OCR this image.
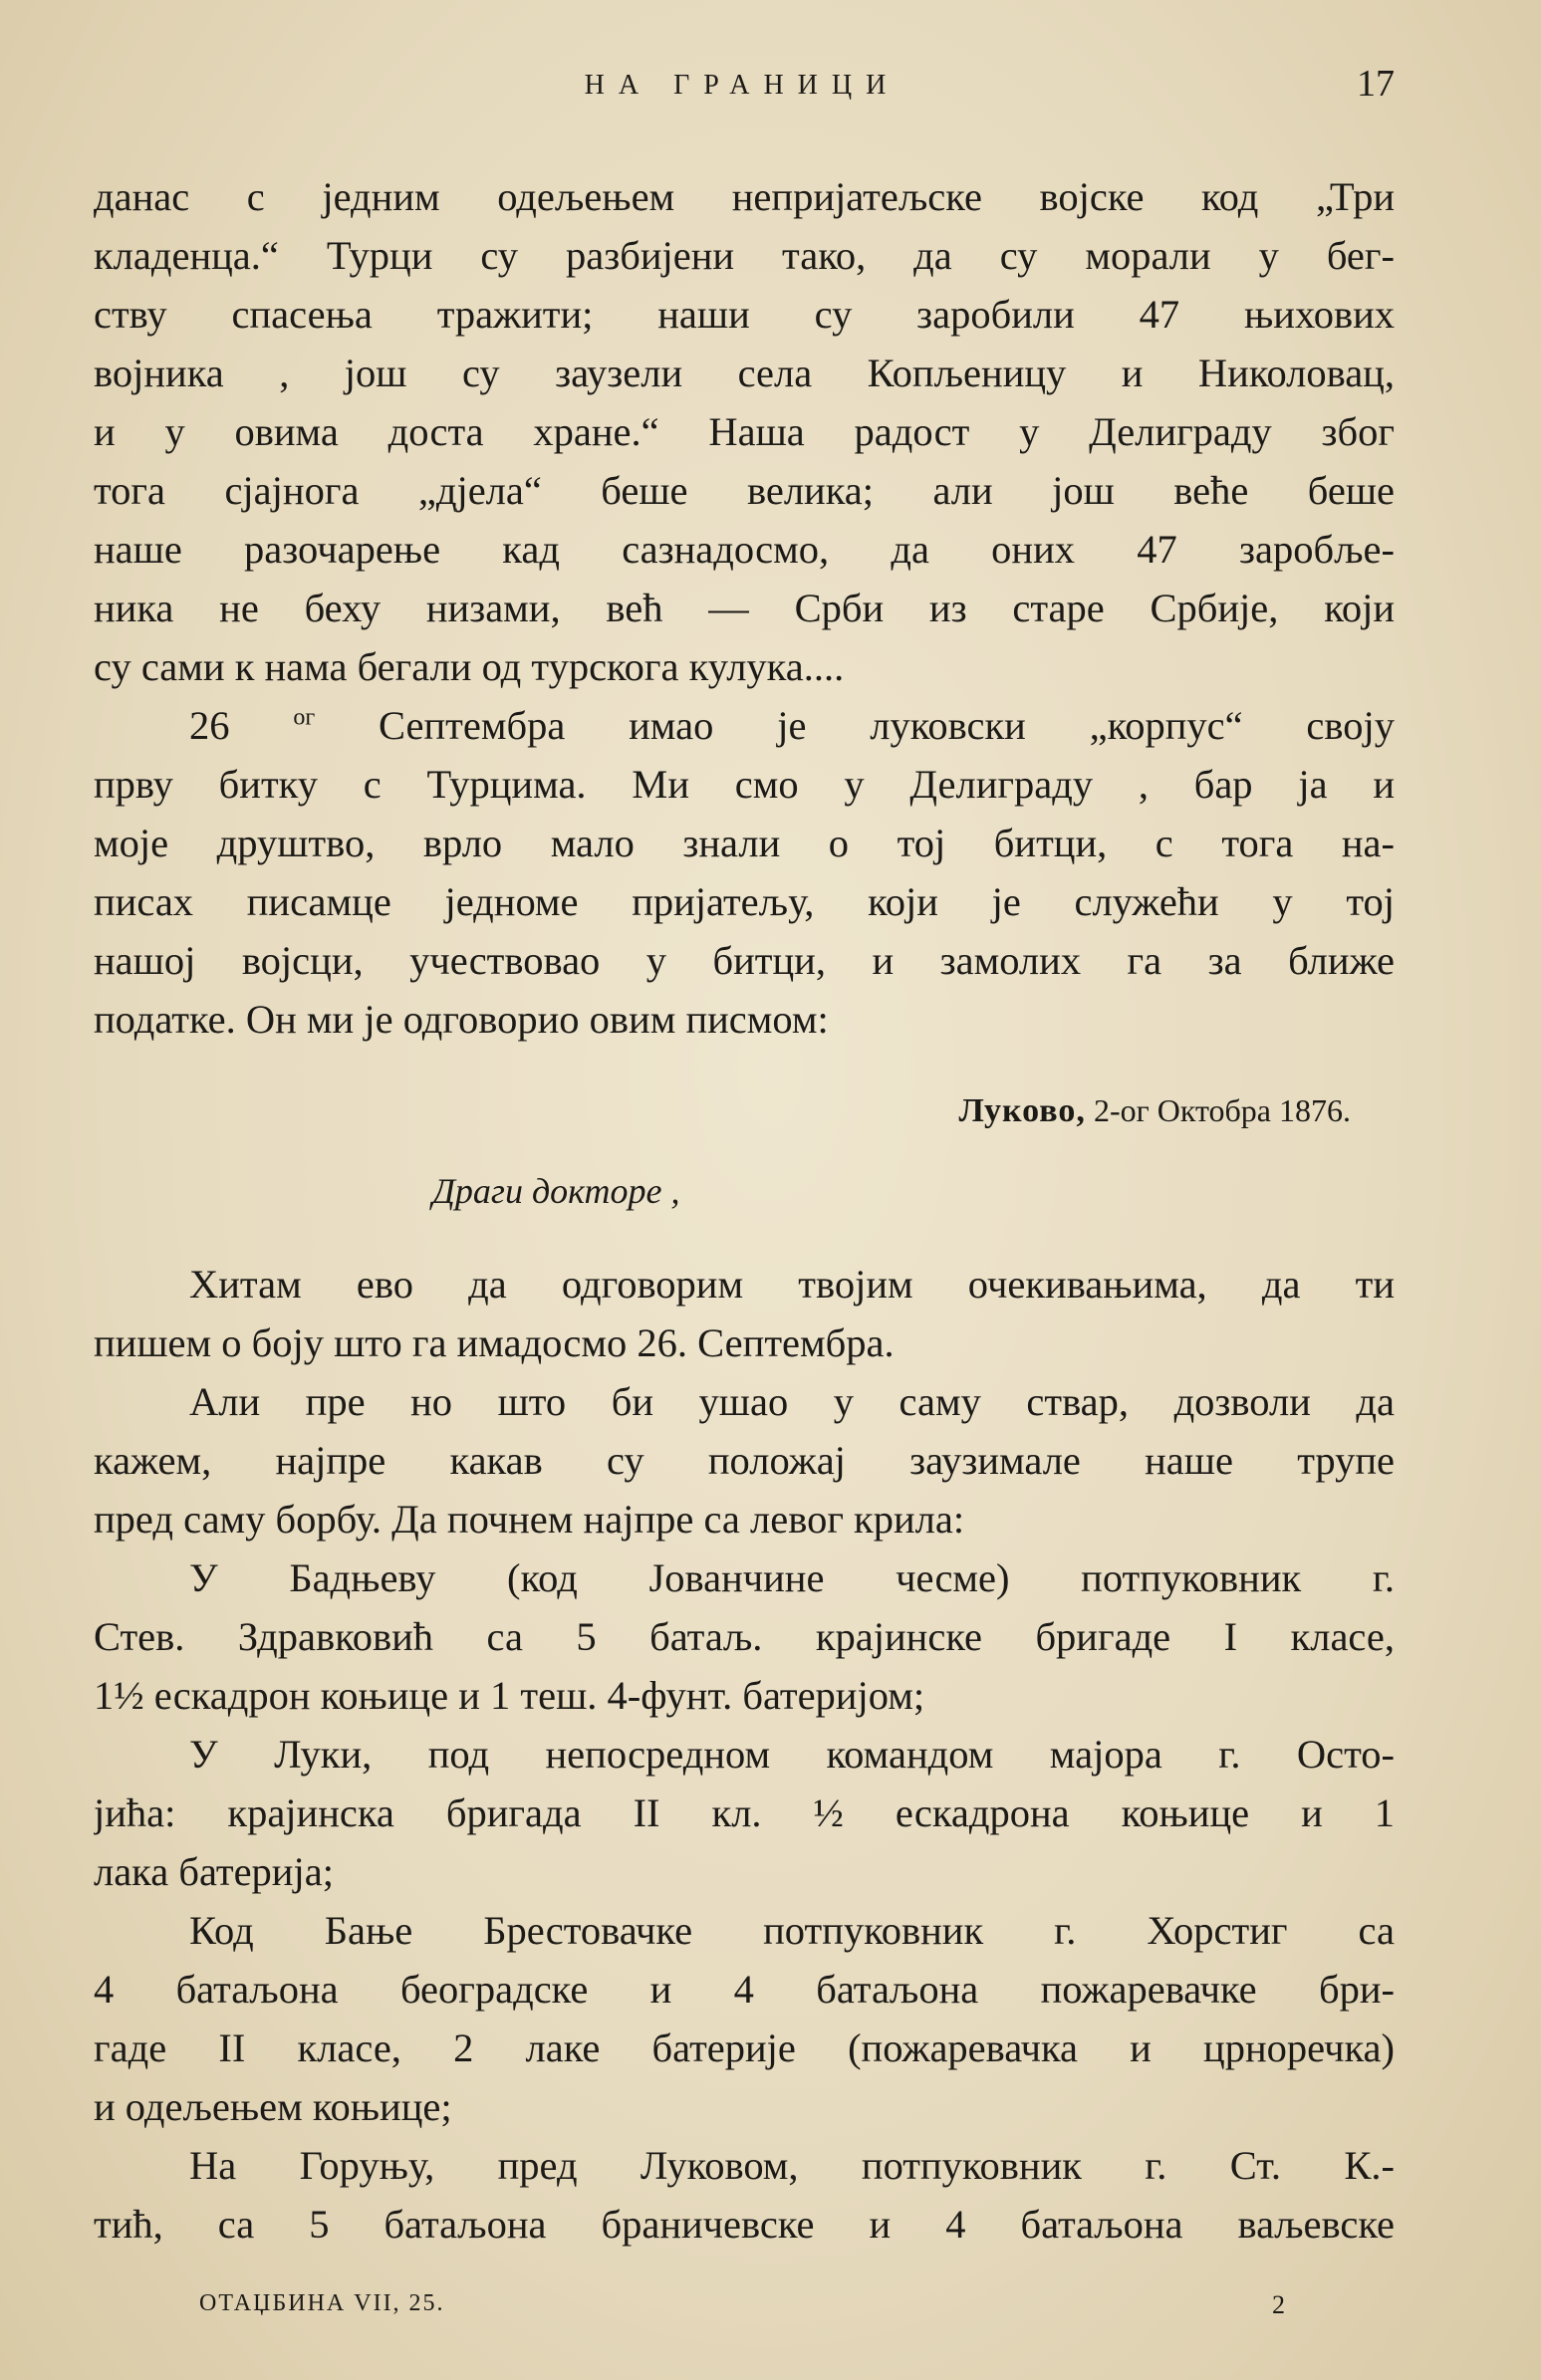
НА ГРАНИЦИ	17
данас с једним одељењем непријатељске војске код „Три
кладенца.“ Турци су разбијени тако, да су морали у бег-
ству спасења тражити; наши су заробили 47 њихових
војника , још су заузели села Копљеницу и Николовац,
и у овима доста хране.“ Наша радост у Делиграду због
тога сјајнога „дјела“ беше велика; али још веће беше
наше разочарење кад сазнадосмо, да оних 47 заробље-
ника не беху низами, већ — Срби из старе Србије, који
су сами к нама бегали од турскога кулука....
26	$^{ог}$ Септембра имао је луковски „корпус“ своју
прву битку с Турцима. Ми смо у Делиграду , бар ја и
моје друштво, врло мало знали о тој битци, с тога на-
писах писамце једноме пријатељу, који је служећи у тој
нашој војсци, учествовао у битци, и замолих га за ближе
податке. Он ми је одговорио овим писмом:
Луково, 2-ог Октобра 1876.
Драги докторе ,
Хитам ево да одговорим твојим очекивањима, да ти
пишем о боју што га имадосмо 26. Септембра.
Али пре но што би ушао у саму ствар, дозволи да
кажем, најпре какав су положај заузимале наше трупе
пред саму борбу. Да почнем најпре са левог крила:
У Бадњеву (код Јованчине чесме) потпуковник г.
Стев. Здравковић са 5 батаљ. крајинске бригаде I класе,
1½ ескадрон коњице и 1 теш. 4-фунт. батеријом;
У Луки, под непосредном командом мајора г. Осто-
јића: крајинска бригада II кл. ½ ескадрона коњице и 1
лака батерија;
Код Бање Брестовачке потпуковник г. Хорстиг са
4 батаљона београдске и 4 батаљона пожаревачке бри-
гаде II класе, 2 лаке батерије (пожаревачка и црноречка)
и одељењем коњице;
На Горуњу, пред Луковом, потпуковник г. Ст. К.-
тић, са 5 батаљона браничевске и 4 батаљона ваљевске
ОТАЏБИНА VII, 25.	2
